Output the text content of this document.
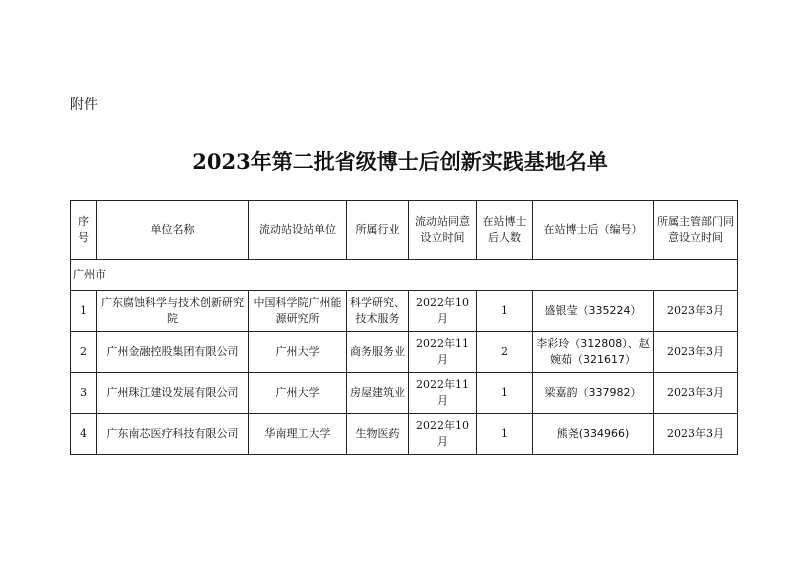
附件
2023年第二批省级博士后创新实践基地名单
序号	单位名称	流动站设站单位	所属行业	流动站同意设立时间	在站博士后人数	在站博士后（编号）	所属主管部门同意设立时间
广州市							
1	广东腐蚀科学与技术创新研究院	中国科学院广州能源研究所	科学研究、技术服务	2022年10月	1	盛银莹（335224）	2023年3月
2	广州金融控股集团有限公司	广州大学	商务服务业	2022年11月	2	李彩玲（312808）、赵婉茹（321617）	2023年3月
3	广州珠江建设发展有限公司	广州大学	房屋建筑业	2022年11月	1	梁嘉韵（337982）	2023年3月
4	广东南芯医疗科技有限公司	华南理工大学	生物医药	2022年10月	1	熊尧(334966)	2023年3月
